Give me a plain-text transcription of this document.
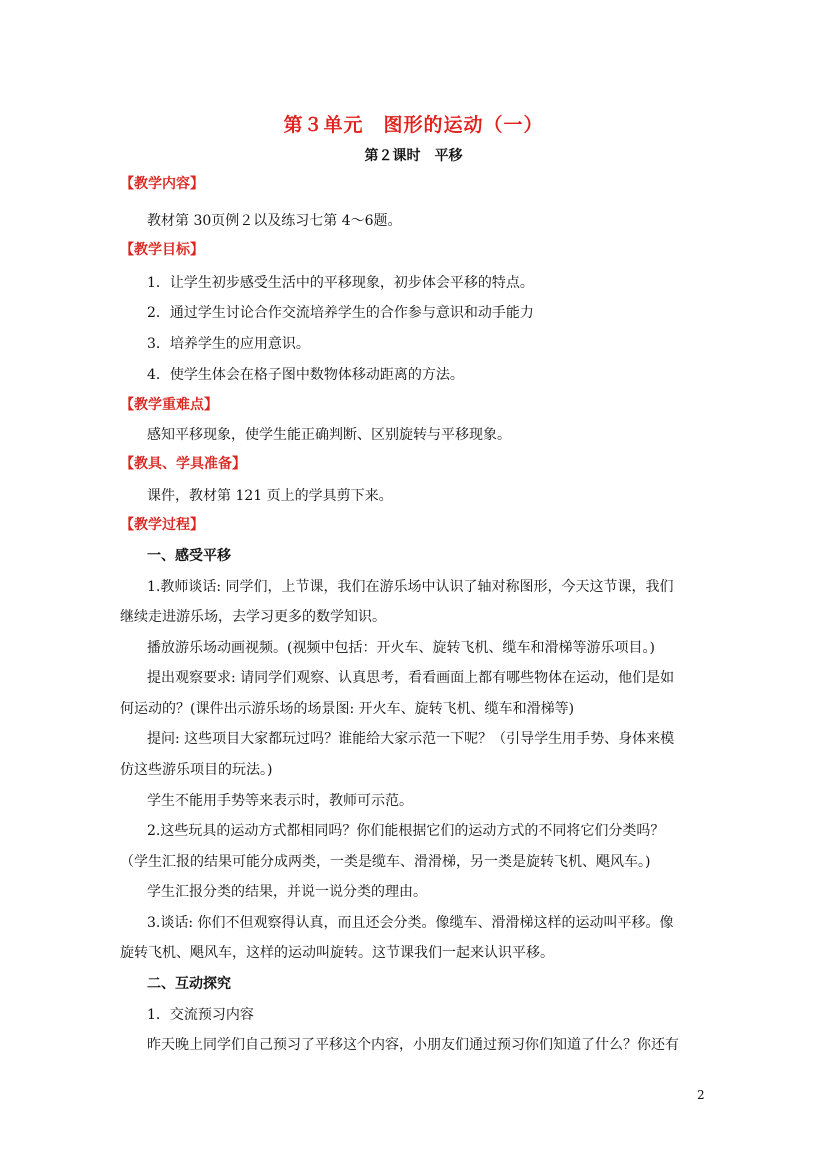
第３单元　图形的运动（一）
第２课时　平移
【教学内容】
教材第 30页例２以及练习七第 4～6题。
【教学目标】
1．让学生初步感受生活中的平移现象，初步体会平移的特点。
2．通过学生讨论合作交流培养学生的合作参与意识和动手能力
3．培养学生的应用意识。
4．使学生体会在格子图中数物体移动距离的方法。
【教学重难点】
感知平移现象，使学生能正确判断、区别旋转与平移现象。
【教具、学具准备】
课件，教材第 121 页上的学具剪下来。
【教学过程】
一、感受平移
1.教师谈话: 同学们，上节课，我们在游乐场中认识了轴对称图形，今天这节课，我们
继续走进游乐场，去学习更多的数学知识。
播放游乐场动画视频。(视频中包括：开火车、旋转飞机、缆车和滑梯等游乐项目。)
提出观察要求: 请同学们观察、认真思考，看看画面上都有哪些物体在运动，他们是如
何运动的？(课件出示游乐场的场景图: 开火车、旋转飞机、缆车和滑梯等)
提问: 这些项目大家都玩过吗？谁能给大家示范一下呢？（引导学生用手势、身体来模
仿这些游乐项目的玩法。)
学生不能用手势等来表示时，教师可示范。
2.这些玩具的运动方式都相同吗？你们能根据它们的运动方式的不同将它们分类吗？
（学生汇报的结果可能分成两类，一类是缆车、滑滑梯，另一类是旋转飞机、飓风车。)
学生汇报分类的结果，并说一说分类的理由。
3.谈话: 你们不但观察得认真，而且还会分类。像缆车、滑滑梯这样的运动叫平移。像
旋转飞机、飓风车，这样的运动叫旋转。这节课我们一起来认识平移。
二、互动探究
1．交流预习内容
昨天晚上同学们自己预习了平移这个内容，小朋友们通过预习你们知道了什么？你还有
2
